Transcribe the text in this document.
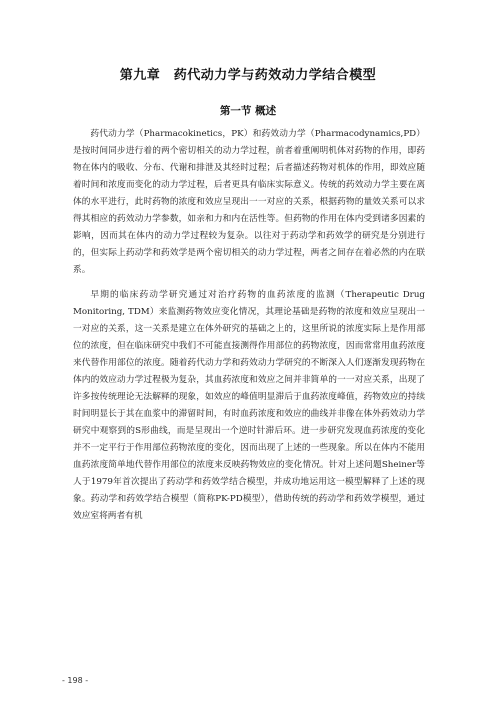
第九章　药代动力学与药效动力学结合模型
第一节 概述

药代动力学（Pharmacokinetics，PK）和药效动力学（Pharmacodynamics,PD）是按时间同步进行着的两个密切相关的动力学过程，前者着重阐明机体对药物的作用，即药物在体内的吸收、分布、代谢和排泄及其经时过程；后者描述药物对机体的作用，即效应随着时间和浓度而变化的动力学过程，后者更具有临床实际意义。传统的药效动力学主要在离体的水平进行，此时药物的浓度和效应呈现出一一对应的关系，根据药物的量效关系可以求得其相应的药效动力学参数，如亲和力和内在活性等。但药物的作用在体内受到诸多因素的影响，因而其在体内的动力学过程较为复杂。以往对于药动学和药效学的研究是分别进行的，但实际上药动学和药效学是两个密切相关的动力学过程，两者之间存在着必然的内在联系。

早期的临床药动学研究通过对治疗药物的血药浓度的监测（Therapeutic Drug Monitoring, TDM）来监测药物效应变化情况，其理论基础是药物的浓度和效应呈现出一一对应的关系，这一关系是建立在体外研究的基础之上的，这里所说的浓度实际上是作用部位的浓度，但在临床研究中我们不可能直接测得作用部位的药物浓度，因而常常用血药浓度来代替作用部位的浓度。随着药代动力学和药效动力学研究的不断深入人们逐渐发现药物在体内的效应动力学过程极为复杂，其血药浓度和效应之间并非简单的一一对应关系，出现了许多按传统理论无法解释的现象，如效应的峰值明显滞后于血药浓度峰值，药物效应的持续时间明显长于其在血浆中的滞留时间，有时血药浓度和效应的曲线并非像在体外药效动力学研究中观察到的S形曲线，而是呈现出一个逆时针滞后环。进一步研究发现血药浓度的变化并不一定平行于作用部位药物浓度的变化，因而出现了上述的一些现象。所以在体内不能用血药浓度简单地代替作用部位的浓度来反映药物效应的变化情况。针对上述问题Sheiner等人于1979年首次提出了药动学和药效学结合模型，并成功地运用这一模型解释了上述的现象。药动学和药效学结合模型（简称PK-PD模型），借助传统的药动学和药效学模型，通过效应室将两者有机

- 198 -
